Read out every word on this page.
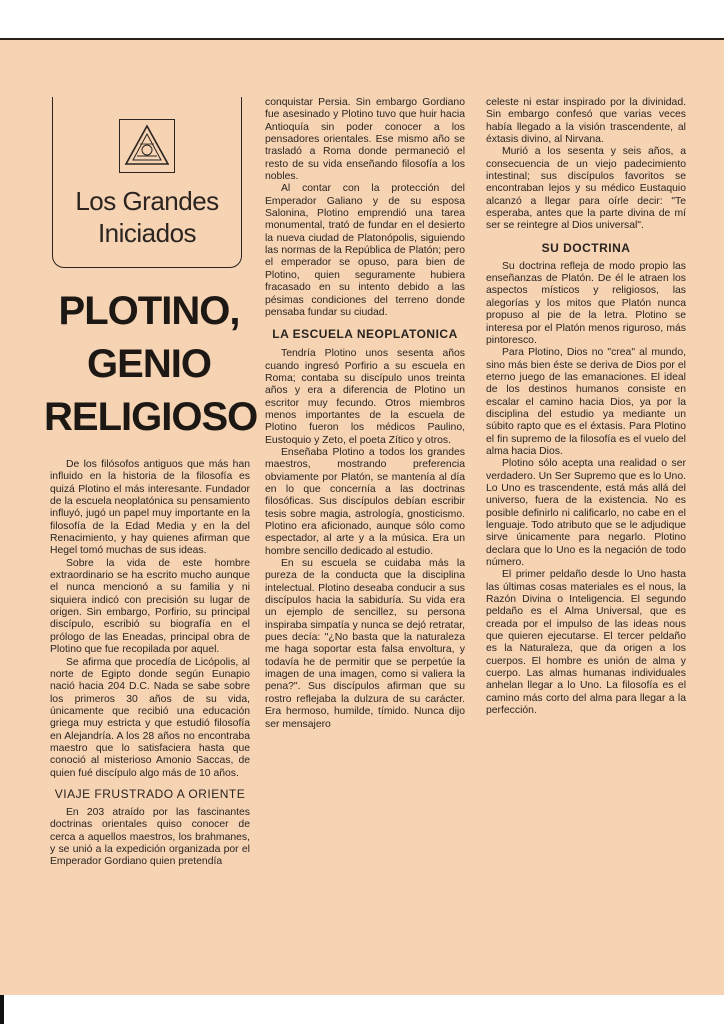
Los Grandes
Iniciados
PLOTINO,
GENIO
RELIGIOSO

De los filósofos antiguos que más han influido en la historia de la filosofía es quizá Plotino el más interesante. Fundador de la escuela neoplatónica su pensamiento influyó, jugó un papel muy importante en la filosofía de la Edad Media y en la del Renacimiento, y hay quienes afirman que Hegel tomó muchas de sus ideas.

Sobre la vida de este hombre extraordinario se ha escrito mucho aunque el nunca mencionó a su familia y ni siquiera indicó con precisión su lugar de origen. Sin embargo, Porfirio, su principal discípulo, escribió su biografía en el prólogo de las Eneadas, principal obra de Plotino que fue recopilada por aquel.

Se afirma que procedía de Licópolis, al norte de Egipto donde según Eunapio nació hacia 204 D.C. Nada se sabe sobre los primeros 30 años de su vida, únicamente que recibió una educación griega muy estricta y que estudió filosofía en Alejandría. A los 28 años no encontraba maestro que lo satisfaciera hasta que conoció al misterioso Amonio Saccas, de quien fué discípulo algo más de 10 años.

VIAJE FRUSTRADO A ORIENTE

En 203 atraído por las fascinantes doctrinas orientales quiso conocer de cerca a aquellos maestros, los brahmanes, y se unió a la expedición organizada por el Emperador Gordiano quien pretendía

conquistar Persia. Sin embargo Gordiano fue asesinado y Plotino tuvo que huir hacia Antioquía sin poder conocer a los pensadores orientales. Ese mismo año se trasladó a Roma donde permaneció el resto de su vida enseñando filosofía a los nobles.

Al contar con la protección del Emperador Galiano y de su esposa Salonina, Plotino emprendió una tarea monumental, trató de fundar en el desierto la nueva ciudad de Platonópolis, siguiendo las normas de la República de Platón; pero el emperador se opuso, para bien de Plotino, quien seguramente hubiera fracasado en su intento debido a las pésimas condiciones del terreno donde pensaba fundar su ciudad.

LA ESCUELA NEOPLATONICA

Tendría Plotino unos sesenta años cuando ingresó Porfirio a su escuela en Roma; contaba su discípulo unos treinta años y era a diferencia de Plotino un escritor muy fecundo. Otros miembros menos importantes de la escuela de Plotino fueron los médicos Paulino, Eustoquio y Zeto, el poeta Zítico y otros.

Enseñaba Plotino a todos los grandes maestros, mostrando preferencia obviamente por Platón, se mantenía al día en lo que concernía a las doctrinas filosóficas. Sus discípulos debían escribir tesis sobre magia, astrología, gnosticismo. Plotino era aficionado, aunque sólo como espectador, al arte y a la música. Era un hombre sencillo dedicado al estudio.

En su escuela se cuidaba más la pureza de la conducta que la disciplina intelectual. Plotino deseaba conducir a sus discípulos hacia la sabiduría. Su vida era un ejemplo de sencillez, su persona inspiraba simpatía y nunca se dejó retratar, pues decía: "¿No basta que la naturaleza me haga soportar esta falsa envoltura, y todavía he de permitir que se perpetúe la imagen de una imagen, como si valiera la pena?". Sus discípulos afirman que su rostro reflejaba la dulzura de su carácter. Era hermoso, humilde, tímido. Nunca dijo ser mensajero

celeste ni estar inspirado por la divinidad. Sin embargo confesó que varias veces había llegado a la visión trascendente, al éxtasis divino, al Nirvana.

Murió a los sesenta y seis años, a consecuencia de un viejo padecimiento intestinal; sus discípulos favoritos se encontraban lejos y su médico Eustaquio alcanzó a llegar para oírle decir: "Te esperaba, antes que la parte divina de mí ser se reintegre al Dios universal".

SU DOCTRINA

Su doctrina refleja de modo propio las enseñanzas de Platón. De él le atraen los aspectos místicos y religiosos, las alegorías y los mitos que Platón nunca propuso al pie de la letra. Plotino se interesa por el Platón menos riguroso, más pintoresco.

Para Plotino, Dios no "crea" al mundo, sino más bien éste se deriva de Dios por el eterno juego de las emanaciones. El ideal de los destinos humanos consiste en escalar el camino hacia Dios, ya por la disciplina del estudio ya mediante un súbito rapto que es el éxtasis. Para Plotino el fin supremo de la filosofía es el vuelo del alma hacia Dios.

Plotino sólo acepta una realidad o ser verdadero. Un Ser Supremo que es lo Uno. Lo Uno es trascendente, está más allá del universo, fuera de la existencia. No es posible definirlo ni calificarlo, no cabe en el lenguaje. Todo atributo que se le adjudique sirve únicamente para negarlo. Plotino declara que lo Uno es la negación de todo número.

El primer peldaño desde lo Uno hasta las últimas cosas materiales es el nous, la Razón Divina o Inteligencia. El segundo peldaño es el Alma Universal, que es creada por el impulso de las ideas nous que quieren ejecutarse. El tercer peldaño es la Naturaleza, que da origen a los cuerpos. El hombre es unión de alma y cuerpo. Las almas humanas individuales anhelan llegar a lo Uno. La filosofía es el camino más corto del alma para llegar a la perfección.
